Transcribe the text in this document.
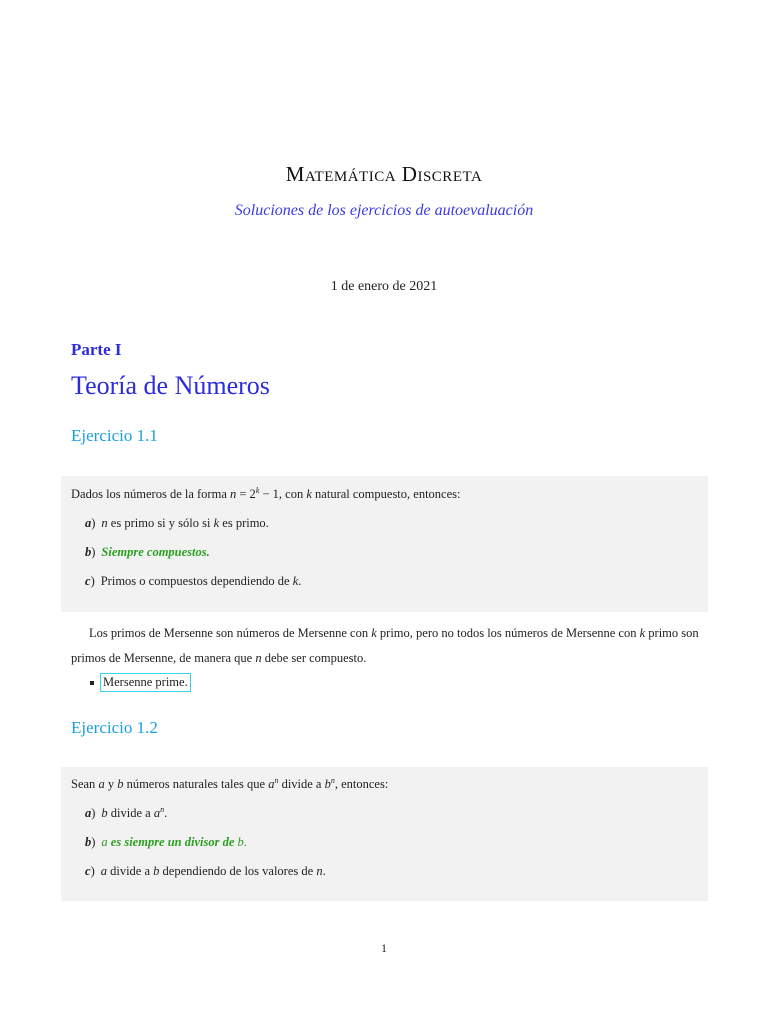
Matemática Discreta
Soluciones de los ejercicios de autoevaluación
1 de enero de 2021
Parte I
Teoría de Números
Ejercicio 1.1
Dados los números de la forma $n = 2^k - 1$, con k natural compuesto, entonces:
a) n es primo si y sólo si k es primo.
b) Siempre compuestos.
c) Primos o compuestos dependiendo de k.
Los primos de Mersenne son números de Mersenne con k primo, pero no todos los números de Mersenne con k primo son primos de Mersenne, de manera que n debe ser compuesto.
Mersenne prime.
Ejercicio 1.2
Sean a y b números naturales tales que $a^n$ divide a $b^n$, entonces:
a) b divide a $a^n$.
b) a es siempre un divisor de b.
c) a divide a b dependiendo de los valores de n.
1
